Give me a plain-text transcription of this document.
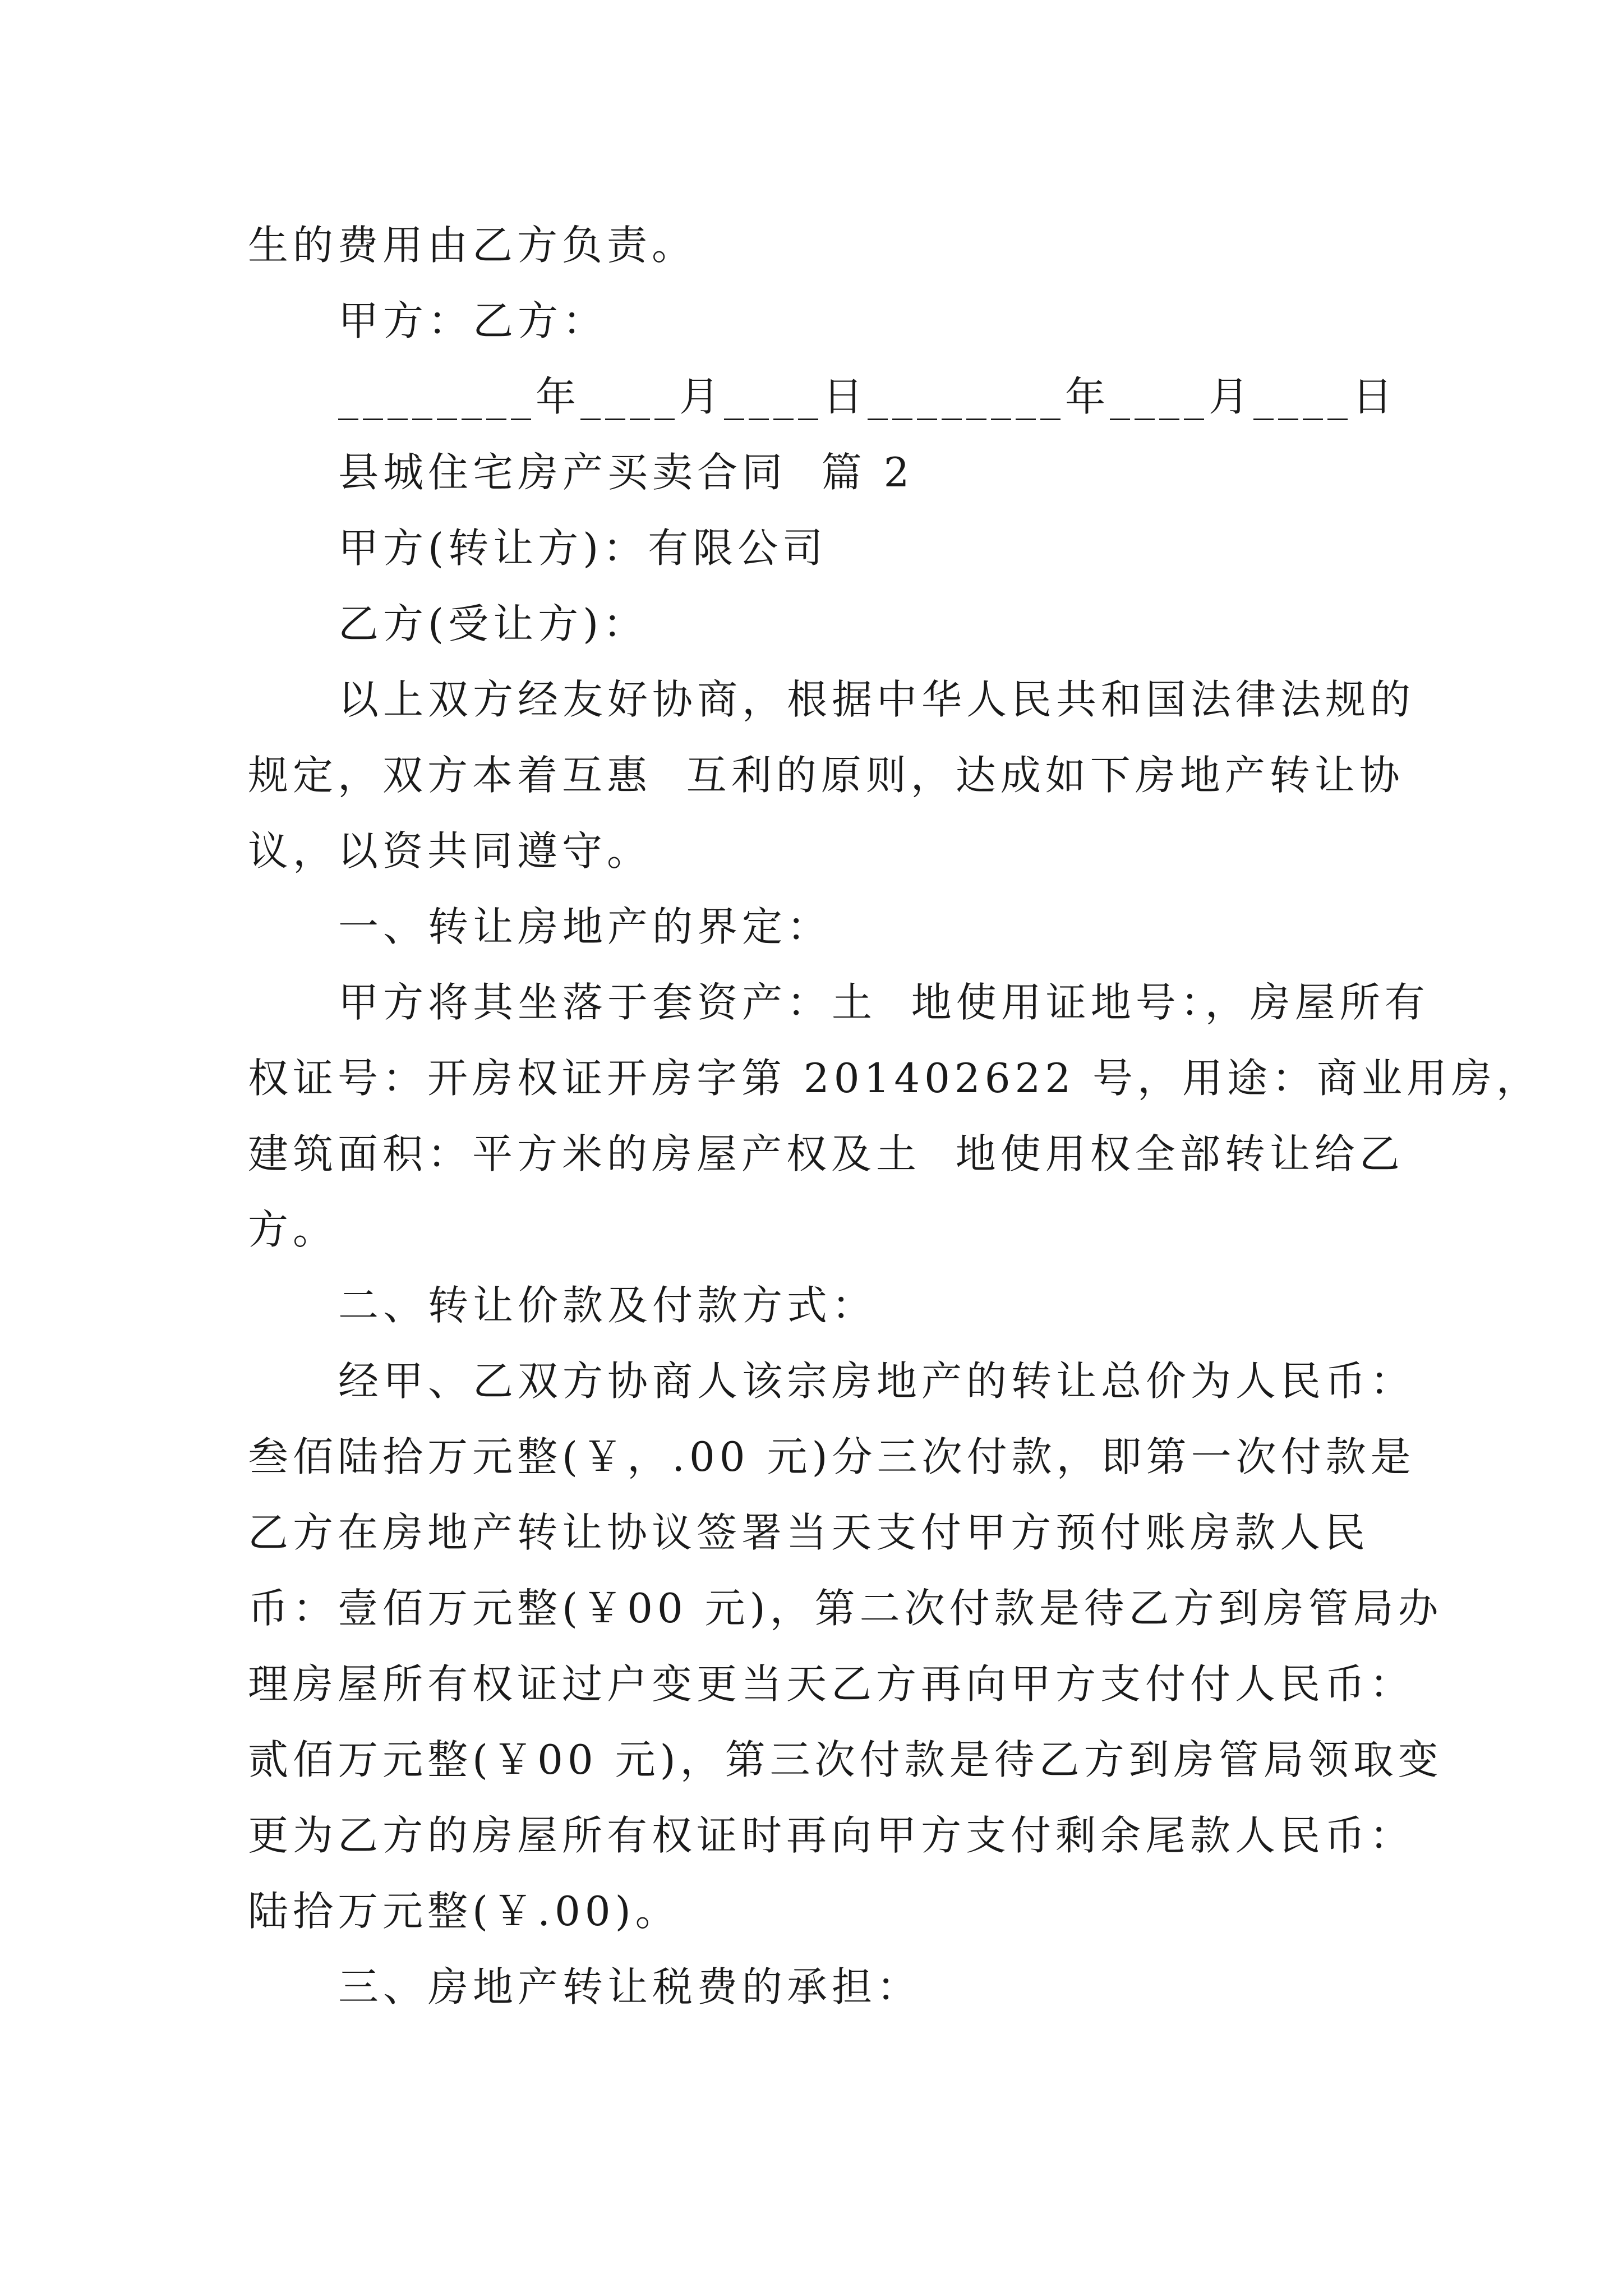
生的费用由乙方负责。
甲方：乙方：
________年____月____日________年____月____日
县城住宅房产买卖合同  篇 2
甲方(转让方)：有限公司
乙方(受让方)：
以上双方经友好协商，根据中华人民共和国法律法规的
规定，双方本着互惠  互利的原则，达成如下房地产转让协
议，以资共同遵守。
一、转让房地产的界定：
甲方将其坐落于套资产：土  地使用证地号：，房屋所有
权证号：开房权证开房字第 201402622 号，用途：商业用房，
建筑面积：平方米的房屋产权及土  地使用权全部转让给乙
方。
二、转让价款及付款方式：
经甲、乙双方协商人该宗房地产的转让总价为人民币：
叁佰陆拾万元整(￥，.00 元)分三次付款，即第一次付款是
乙方在房地产转让协议签署当天支付甲方预付账房款人民
币：壹佰万元整(￥00 元)，第二次付款是待乙方到房管局办
理房屋所有权证过户变更当天乙方再向甲方支付付人民币：
贰佰万元整(￥00 元)，第三次付款是待乙方到房管局领取变
更为乙方的房屋所有权证时再向甲方支付剩余尾款人民币：
陆拾万元整(￥.00)。
三、房地产转让税费的承担：
